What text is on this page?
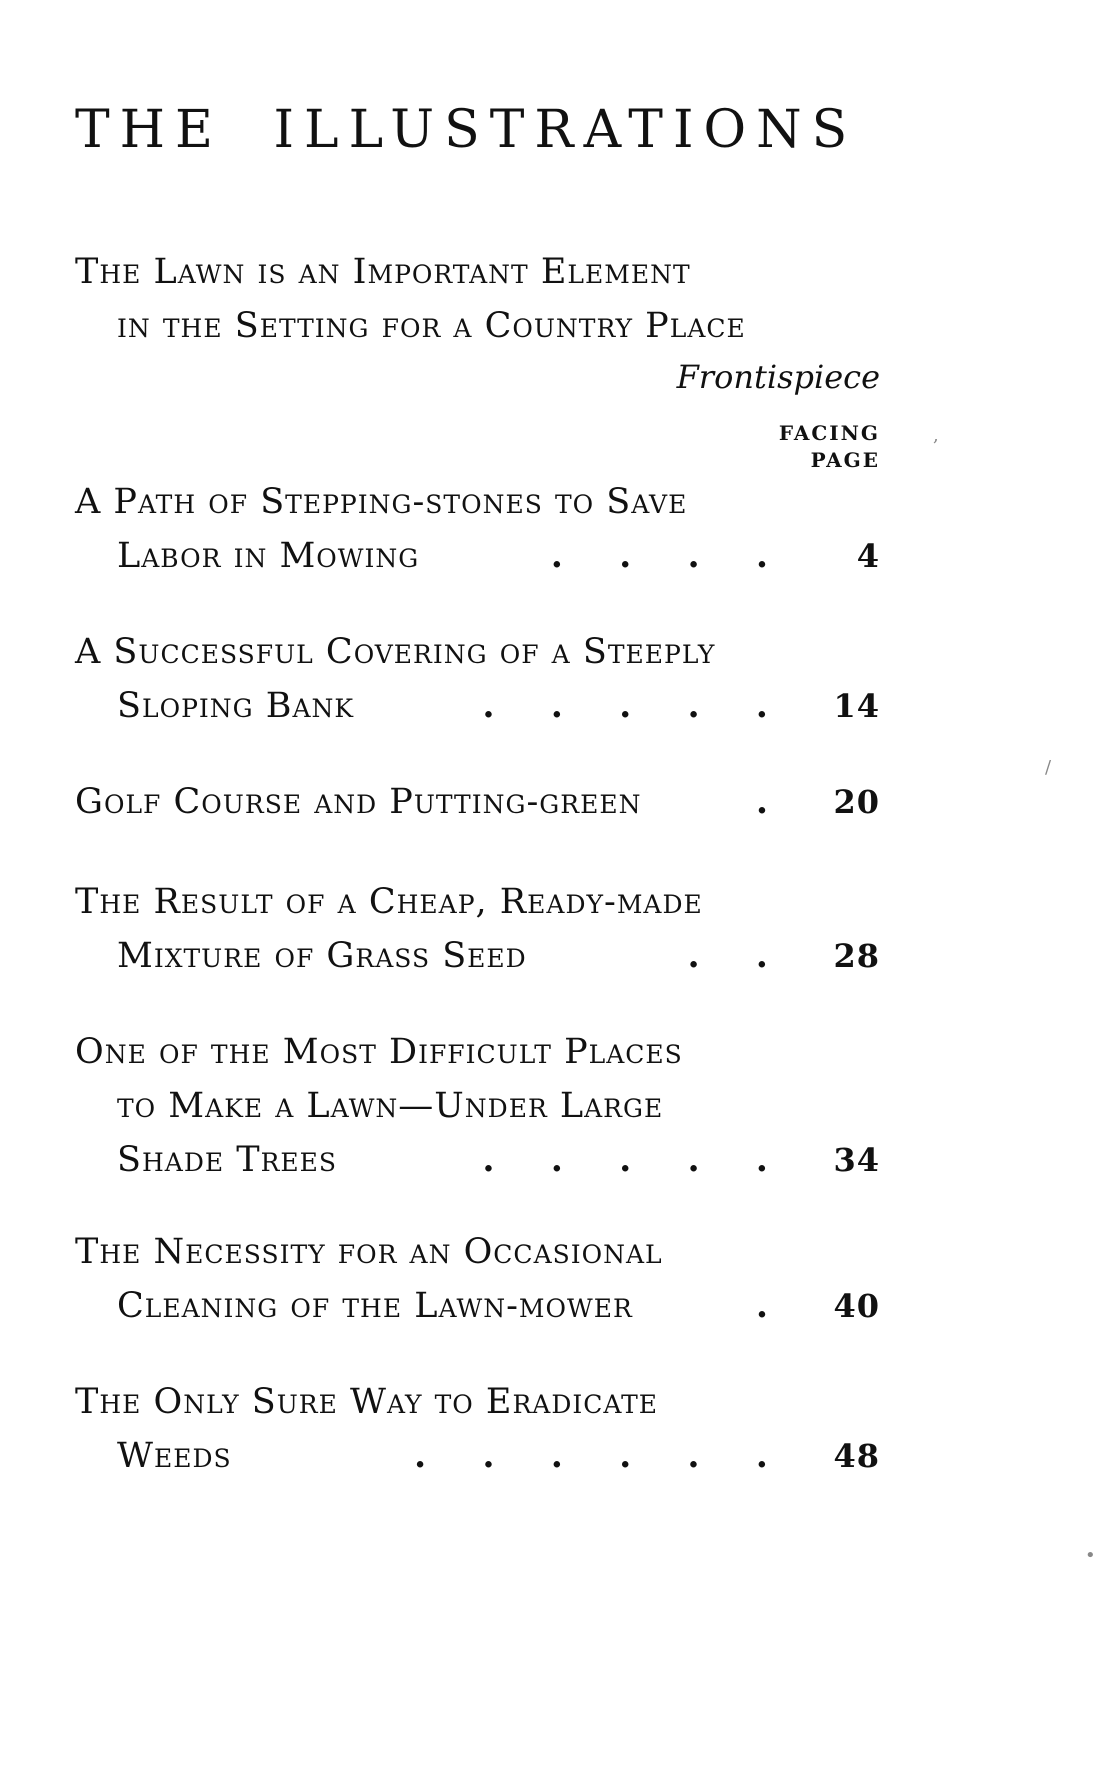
THE ILLUSTRATIONS
The Lawn is an Important Element
in the Setting for a Country Place
Frontispiece
FACING
PAGE
A Path of Stepping-stones to Save
Labor in Mowing	. . . . 4
A Successful Covering of a Steeply
Sloping Bank	. . . . . 14
Golf Course and Putting-green	. 20
The Result of a Cheap, Ready-made
Mixture of Grass Seed	. . 28
One of the Most Difficult Places
to Make a Lawn—Under Large
Shade Trees	. . . . . 34
The Necessity for an Occasional
Cleaning of the Lawn-mower	. 40
The Only Sure Way to Eradicate
Weeds	. . . . . . 48
/
,
•
